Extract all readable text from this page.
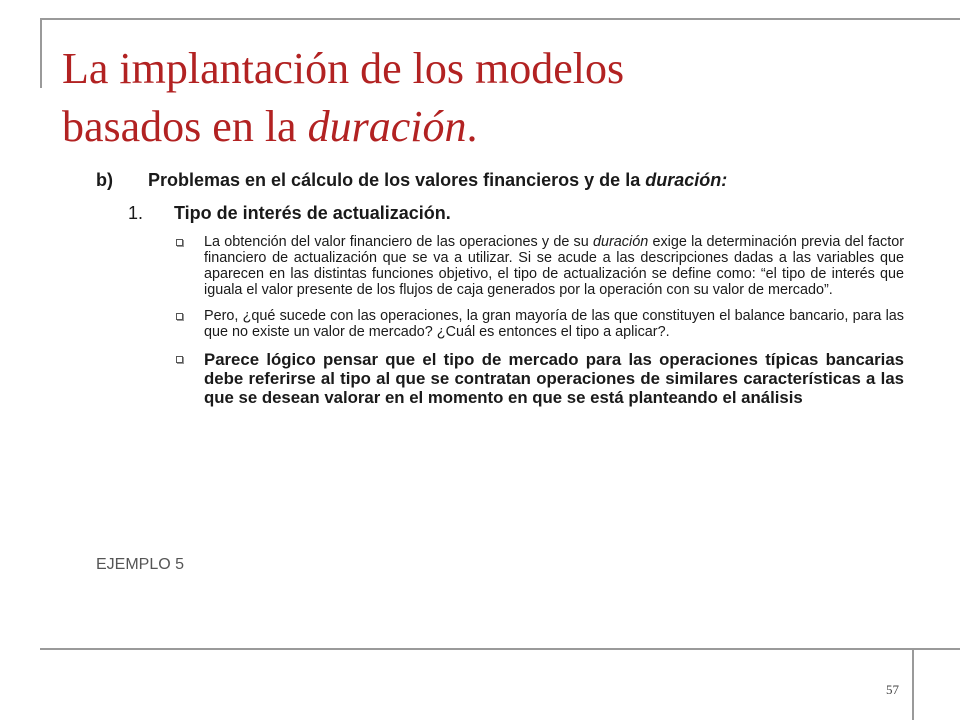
La implantación de los modelos
basados en la duración.
b) Problemas en el cálculo de los valores financieros y de la duración:
1. Tipo de interés de actualización.
La obtención del valor financiero de las operaciones y de su duración exige la determinación previa del factor financiero de actualización que se va a utilizar. Si se acude a las descripciones dadas a las variables que aparecen en las distintas funciones objetivo, el tipo de actualización se define como: “el tipo de interés que iguala el valor presente de los flujos de caja generados por la operación con su valor de mercado”.
Pero, ¿qué sucede con las operaciones, la gran mayoría de las que constituyen el balance bancario, para las que no existe un valor de mercado? ¿Cuál es entonces el tipo a aplicar?.
Parece lógico pensar que el tipo de mercado para las operaciones típicas bancarias debe referirse al tipo al que se contratan operaciones de similares características a las que se desean valorar en el momento en que se está planteando el análisis
EJEMPLO 5
57
